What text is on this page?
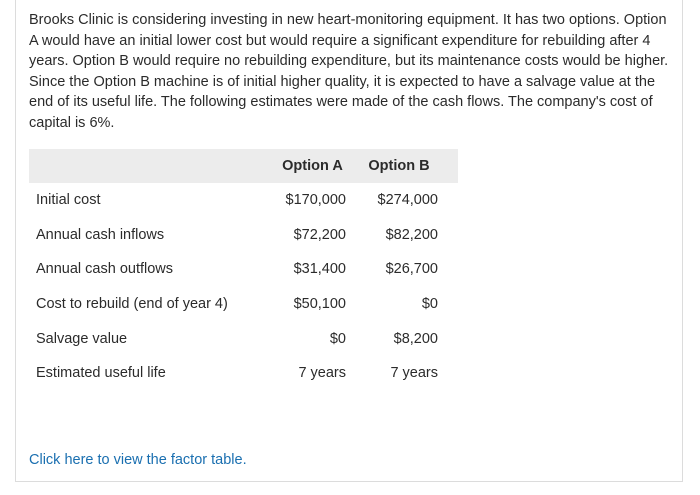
Brooks Clinic is considering investing in new heart-monitoring equipment. It has two options. Option A would have an initial lower cost but would require a significant expenditure for rebuilding after 4 years. Option B would require no rebuilding expenditure, but its maintenance costs would be higher. Since the Option B machine is of initial higher quality, it is expected to have a salvage value at the end of its useful life. The following estimates were made of the cash flows. The company's cost of capital is 6%.

	Option A	Option B	
Initial cost	$170,000	$274,000	
Annual cash inflows	$72,200	$82,200	
Annual cash outflows	$31,400	$26,700	
Cost to rebuild (end of year 4)	$50,100	$0	
Salvage value	$0	$8,200	
Estimated useful life	7 years	7 years	
Click here to view the factor table.
